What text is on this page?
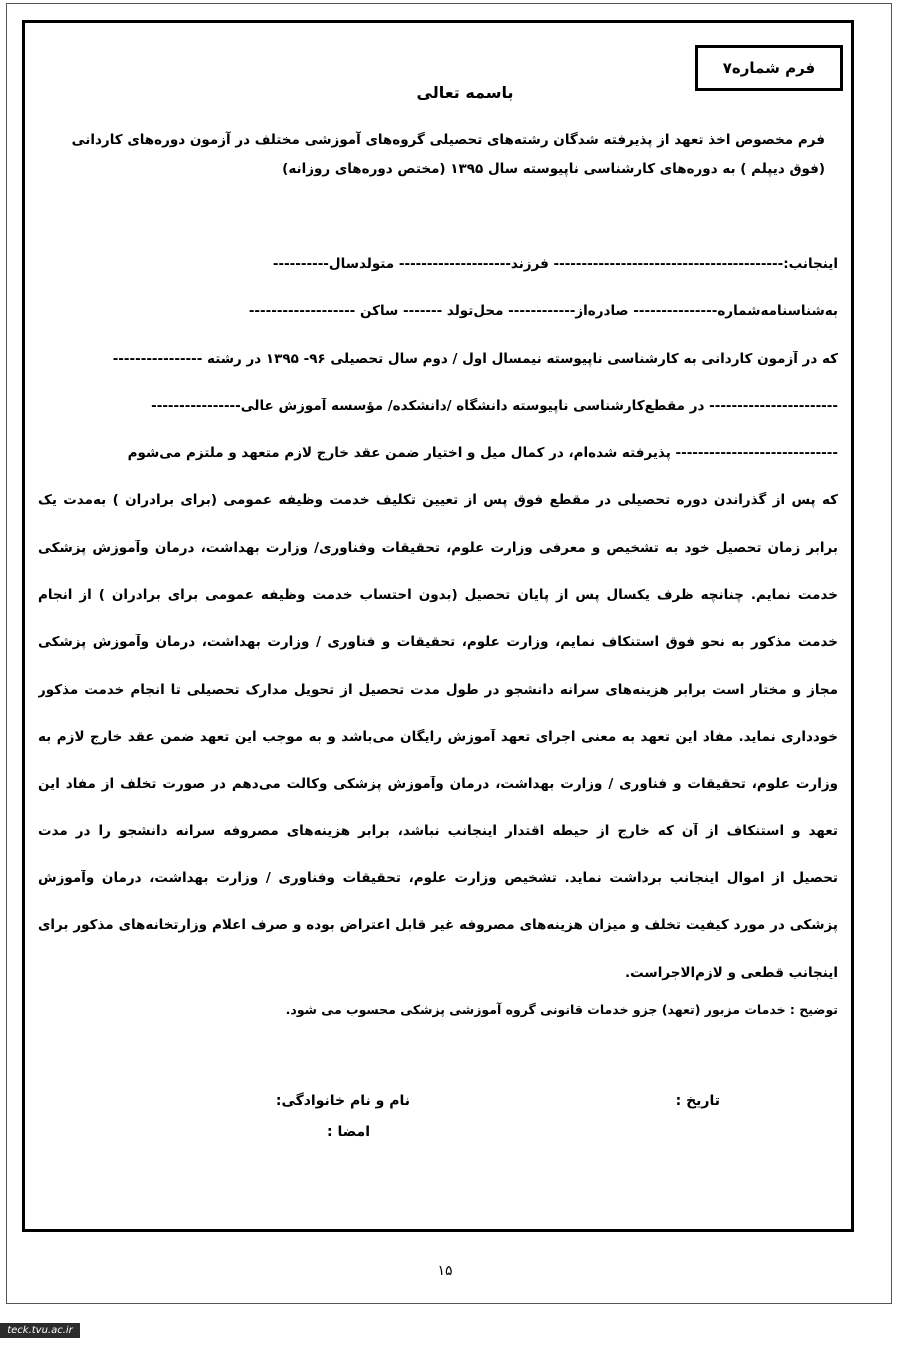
فرم شماره۷
باسمه تعالی
فرم مخصوص اخذ تعهد از پذیرفته شدگان رشته‌های تحصیلی گروه‌های آموزشی مختلف در آزمون دوره‌های کاردانی (فوق دیپلم ) به دوره‌های کارشناسی ناپیوسته سال ۱۳۹۵ (مختص دوره‌های روزانه)
اینجانب:----------------------------------------- فرزند-------------------- متولدسال----------
به‌شناسنامه‌شماره--------------- صادره‌از------------ محل‌تولد ------- ساکن -------------------
که در آزمون کاردانی به کارشناسی ناپیوسته نیمسال اول / دوم سال تحصیلی ۹۶- ۱۳۹۵ در رشته ----------------
----------------------- در مقطع‌کارشناسی ناپیوسته دانشگاه /دانشکده/ مؤسسه آموزش عالی----------------
----------------------------- پذیرفته شده‌ام، در کمال میل و اختیار ضمن عقد خارج لازم متعهد و ملتزم می‌شوم
که پس از گذراندن دوره تحصیلی در مقطع فوق پس از تعیین تکلیف خدمت وظیفه عمومی (برای برادران ) به‌مدت یک
برابر زمان تحصیل خود به تشخیص و معرفی وزارت علوم، تحقیقات وفناوری/ وزارت بهداشت، درمان وآموزش پزشکی
خدمت نمایم. چنانچه ظرف یکسال پس از پایان تحصیل (بدون احتساب خدمت وظیفه عمومی برای برادران ) از انجام
خدمت مذکور به نحو فوق استنکاف نمایم، وزارت علوم، تحقیقات و فناوری / وزارت بهداشت، درمان وآموزش پزشکی
مجاز و مختار است برابر هزینه‌های سرانه دانشجو در طول مدت تحصیل از تحویل مدارک تحصیلی تا انجام خدمت مذکور
خودداری نماید. مفاد این تعهد به معنی اجرای تعهد آموزش رایگان می‌باشد و به موجب این تعهد ضمن عقد خارج لازم به
وزارت علوم، تحقیقات و فناوری / وزارت بهداشت، درمان وآموزش پزشکی وکالت می‌دهم در صورت تخلف از مفاد این
تعهد و استنکاف از آن که خارج از حیطه اقتدار اینجانب نباشد، برابر هزینه‌های مصروفه سرانه دانشجو را در مدت
تحصیل از اموال اینجانب برداشت نماید. تشخیص وزارت علوم، تحقیقات وفناوری / وزارت بهداشت، درمان وآموزش
پزشکی در مورد کیفیت تخلف و میزان هزینه‌های مصروفه غیر قابل اعتراض بوده و صرف اعلام وزارتخانه‌های مذکور برای
اینجانب قطعی و لازم‌الاجراست.
توضیح : خدمات مزبور (تعهد) جزو خدمات قانونی گروه آموزشی پزشکی محسوب می شود.
نام و نام خانوادگی:
امضا :
تاریخ :
۱۵
teck.tvu.ac.ir
